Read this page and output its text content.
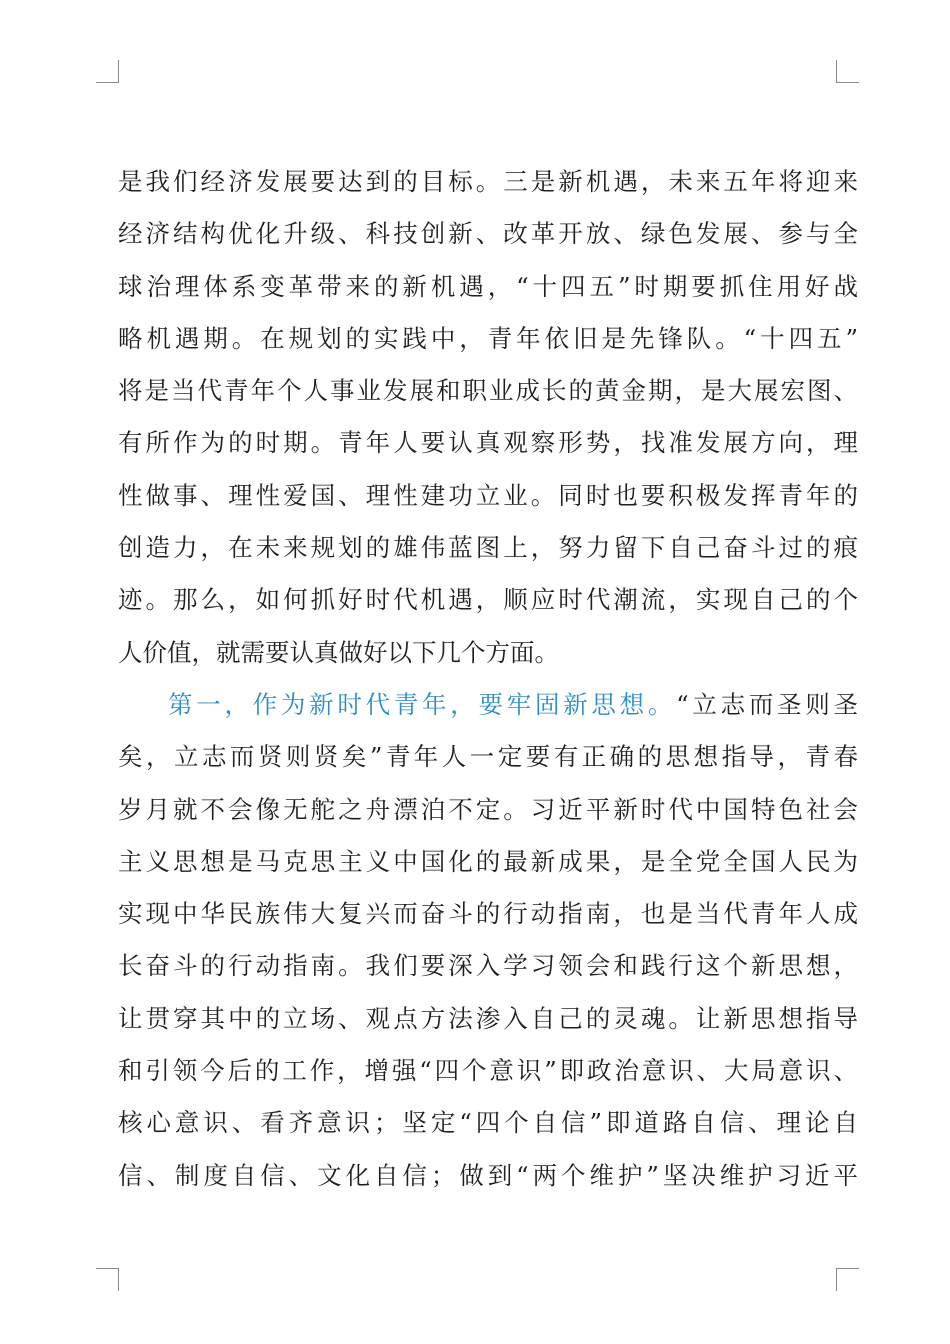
是我们经济发展要达到的目标。三是新机遇，未来五年将迎来
经济结构优化升级、科技创新、改革开放、绿色发展、参与全
球治理体系变革带来的新机遇，“十四五”时期要抓住用好战
略机遇期。在规划的实践中，青年依旧是先锋队。“十四五”
将是当代青年个人事业发展和职业成长的黄金期，是大展宏图、
有所作为的时期。青年人要认真观察形势，找准发展方向，理
性做事、理性爱国、理性建功立业。同时也要积极发挥青年的
创造力，在未来规划的雄伟蓝图上，努力留下自己奋斗过的痕
迹。那么，如何抓好时代机遇，顺应时代潮流，实现自己的个
人价值，就需要认真做好以下几个方面。
第一，作为新时代青年，要牢固新思想。“立志而圣则圣
矣，立志而贤则贤矣”青年人一定要有正确的思想指导，青春
岁月就不会像无舵之舟漂泊不定。习近平新时代中国特色社会
主义思想是马克思主义中国化的最新成果，是全党全国人民为
实现中华民族伟大复兴而奋斗的行动指南，也是当代青年人成
长奋斗的行动指南。我们要深入学习领会和践行这个新思想，
让贯穿其中的立场、观点方法渗入自己的灵魂。让新思想指导
和引领今后的工作，增强“四个意识”即政治意识、大局意识、
核心意识、看齐意识；坚定“四个自信”即道路自信、理论自
信、制度自信、文化自信；做到“两个维护”坚决维护习近平
